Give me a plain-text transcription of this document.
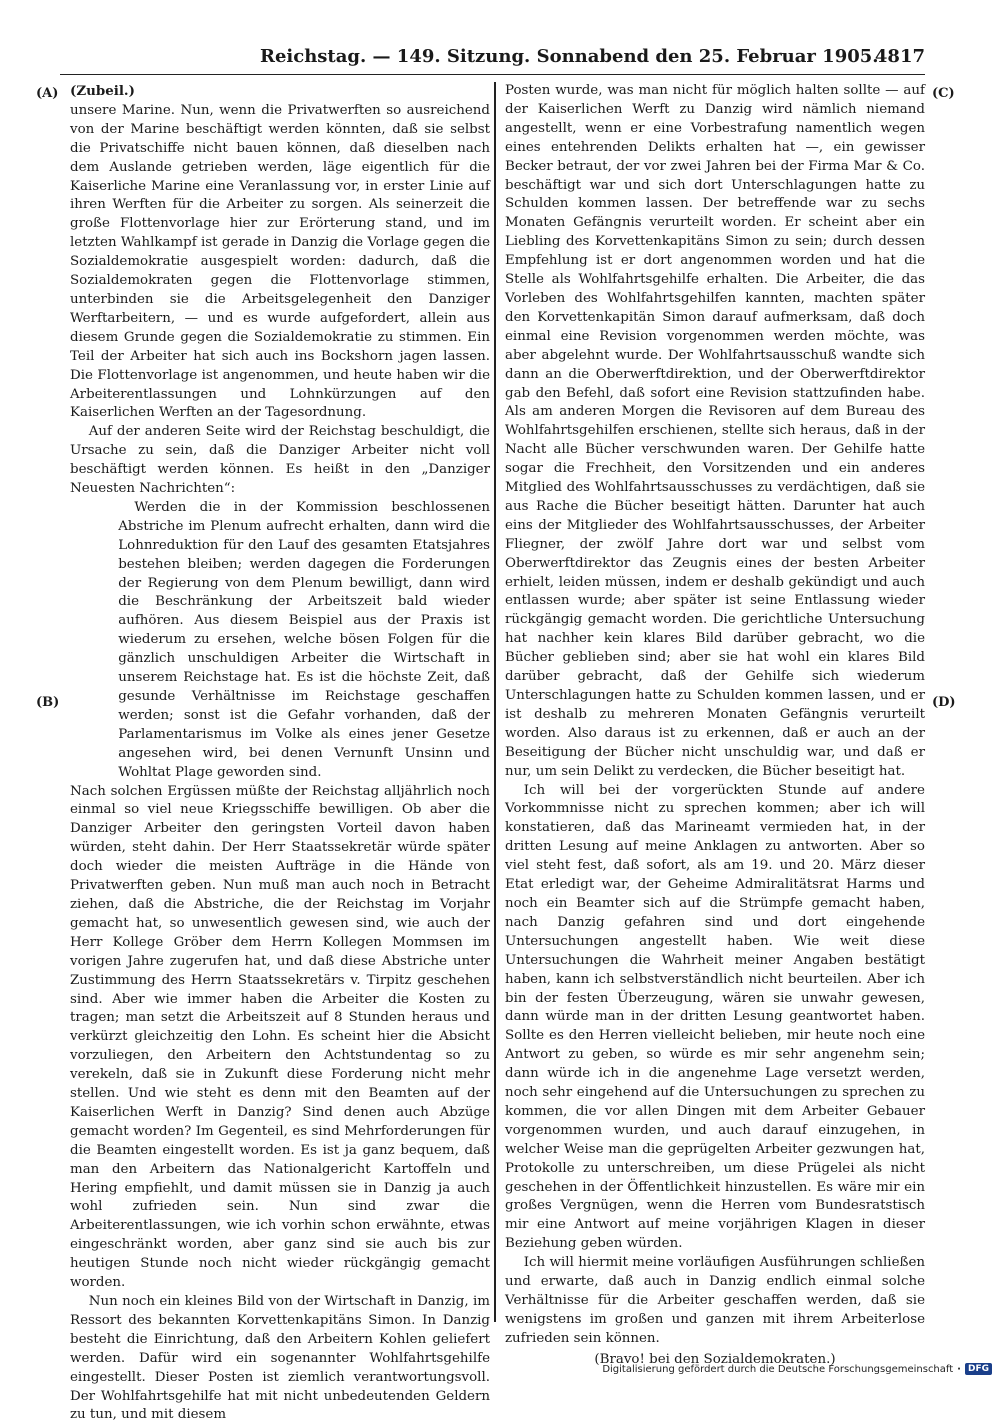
Reichstag. — 149. Sitzung. Sonnabend den 25. Februar 1905.
4817
(A)
(B)
(C)
(D)

(Zubeil.)

unsere Marine. Nun, wenn die Privatwerften so ausreichend von der Marine beschäftigt werden könnten, daß sie selbst die Privatschiffe nicht bauen können, daß dieselben nach dem Auslande getrieben werden, läge eigentlich für die Kaiserliche Marine eine Veranlassung vor, in erster Linie auf ihren Werften für die Arbeiter zu sorgen. Als seinerzeit die große Flottenvorlage hier zur Erörterung stand, und im letzten Wahlkampf ist gerade in Danzig die Vorlage gegen die Sozialdemokratie ausgespielt worden: dadurch, daß die Sozialdemokraten gegen die Flottenvorlage stimmen, unterbinden sie die Arbeitsgelegenheit den Danziger Werftarbeitern, — und es wurde aufgefordert, allein aus diesem Grunde gegen die Sozialdemokratie zu stimmen. Ein Teil der Arbeiter hat sich auch ins Bockshorn jagen lassen. Die Flottenvorlage ist angenommen, und heute haben wir die Arbeiterentlassungen und Lohnkürzungen auf den Kaiserlichen Werften an der Tagesordnung.

Auf der anderen Seite wird der Reichstag beschuldigt, die Ursache zu sein, daß die Danziger Arbeiter nicht voll beschäftigt werden können. Es heißt in den „Danziger Neuesten Nachrichten“:

Werden die in der Kommission beschlossenen Abstriche im Plenum aufrecht erhalten, dann wird die Lohnreduktion für den Lauf des gesamten Etatsjahres bestehen bleiben; werden dagegen die Forderungen der Regierung von dem Plenum bewilligt, dann wird die Beschränkung der Arbeitszeit bald wieder aufhören. Aus diesem Beispiel aus der Praxis ist wiederum zu ersehen, welche bösen Folgen für die gänzlich unschuldigen Arbeiter die Wirtschaft in unserem Reichstage hat. Es ist die höchste Zeit, daß gesunde Verhältnisse im Reichstage geschaffen werden; sonst ist die Gefahr vorhanden, daß der Parlamentarismus im Volke als eines jener Gesetze angesehen wird, bei denen Vernunft Unsinn und Wohltat Plage geworden sind.

Nach solchen Ergüssen müßte der Reichstag alljährlich noch einmal so viel neue Kriegsschiffe bewilligen. Ob aber die Danziger Arbeiter den geringsten Vorteil davon haben würden, steht dahin. Der Herr Staatssekretär würde später doch wieder die meisten Aufträge in die Hände von Privatwerften geben. Nun muß man auch noch in Betracht ziehen, daß die Abstriche, die der Reichstag im Vorjahr gemacht hat, so unwesentlich gewesen sind, wie auch der Herr Kollege Gröber dem Herrn Kollegen Mommsen im vorigen Jahre zugerufen hat, und daß diese Abstriche unter Zustimmung des Herrn Staatssekretärs v. Tirpitz geschehen sind. Aber wie immer haben die Arbeiter die Kosten zu tragen; man setzt die Arbeitszeit auf 8 Stunden heraus und verkürzt gleichzeitig den Lohn. Es scheint hier die Absicht vorzuliegen, den Arbeitern den Achtstundentag so zu verekeln, daß sie in Zukunft diese Forderung nicht mehr stellen. Und wie steht es denn mit den Beamten auf der Kaiserlichen Werft in Danzig? Sind denen auch Abzüge gemacht worden? Im Gegenteil, es sind Mehrforderungen für die Beamten eingestellt worden. Es ist ja ganz bequem, daß man den Arbeitern das Nationalgericht Kartoffeln und Hering empfiehlt, und damit müssen sie in Danzig ja auch wohl zufrieden sein. Nun sind zwar die Arbeiterentlassungen, wie ich vorhin schon erwähnte, etwas eingeschränkt worden, aber ganz sind sie auch bis zur heutigen Stunde noch nicht wieder rückgängig gemacht worden.

Nun noch ein kleines Bild von der Wirtschaft in Danzig, im Ressort des bekannten Korvettenkapitäns Simon. In Danzig besteht die Einrichtung, daß den Arbeitern Kohlen geliefert werden. Dafür wird ein sogenannter Wohlfahrtsgehilfe eingestellt. Dieser Posten ist ziemlich verantwortungsvoll. Der Wohlfahrtsgehilfe hat mit nicht unbedeutenden Geldern zu tun, und mit diesem

Posten wurde, was man nicht für möglich halten sollte — auf der Kaiserlichen Werft zu Danzig wird nämlich niemand angestellt, wenn er eine Vorbestrafung namentlich wegen eines entehrenden Delikts erhalten hat —, ein gewisser Becker betraut, der vor zwei Jahren bei der Firma Mar & Co. beschäftigt war und sich dort Unterschlagungen hatte zu Schulden kommen lassen. Der betreffende war zu sechs Monaten Gefängnis verurteilt worden. Er scheint aber ein Liebling des Korvettenkapitäns Simon zu sein; durch dessen Empfehlung ist er dort angenommen worden und hat die Stelle als Wohlfahrtsgehilfe erhalten. Die Arbeiter, die das Vorleben des Wohlfahrtsgehilfen kannten, machten später den Korvettenkapitän Simon darauf aufmerksam, daß doch einmal eine Revision vorgenommen werden möchte, was aber abgelehnt wurde. Der Wohlfahrtsausschuß wandte sich dann an die Oberwerftdirektion, und der Oberwerftdirektor gab den Befehl, daß sofort eine Revision stattzufinden habe. Als am anderen Morgen die Revisoren auf dem Bureau des Wohlfahrtsgehilfen erschienen, stellte sich heraus, daß in der Nacht alle Bücher verschwunden waren. Der Gehilfe hatte sogar die Frechheit, den Vorsitzenden und ein anderes Mitglied des Wohlfahrtsausschusses zu verdächtigen, daß sie aus Rache die Bücher beseitigt hätten. Darunter hat auch eins der Mitglieder des Wohlfahrtsausschusses, der Arbeiter Fliegner, der zwölf Jahre dort war und selbst vom Oberwerftdirektor das Zeugnis eines der besten Arbeiter erhielt, leiden müssen, indem er deshalb gekündigt und auch entlassen wurde; aber später ist seine Entlassung wieder rückgängig gemacht worden. Die gerichtliche Untersuchung hat nachher kein klares Bild darüber gebracht, wo die Bücher geblieben sind; aber sie hat wohl ein klares Bild darüber gebracht, daß der Gehilfe sich wiederum Unterschlagungen hatte zu Schulden kommen lassen, und er ist deshalb zu mehreren Monaten Gefängnis verurteilt worden. Also daraus ist zu erkennen, daß er auch an der Beseitigung der Bücher nicht unschuldig war, und daß er nur, um sein Delikt zu verdecken, die Bücher beseitigt hat.

Ich will bei der vorgerückten Stunde auf andere Vorkommnisse nicht zu sprechen kommen; aber ich will konstatieren, daß das Marineamt vermieden hat, in der dritten Lesung auf meine Anklagen zu antworten. Aber so viel steht fest, daß sofort, als am 19. und 20. März dieser Etat erledigt war, der Geheime Admiralitätsrat Harms und noch ein Beamter sich auf die Strümpfe gemacht haben, nach Danzig gefahren sind und dort eingehende Untersuchungen angestellt haben. Wie weit diese Untersuchungen die Wahrheit meiner Angaben bestätigt haben, kann ich selbstverständlich nicht beurteilen. Aber ich bin der festen Überzeugung, wären sie unwahr gewesen, dann würde man in der dritten Lesung geantwortet haben. Sollte es den Herren vielleicht belieben, mir heute noch eine Antwort zu geben, so würde es mir sehr angenehm sein; dann würde ich in die angenehme Lage versetzt werden, noch sehr eingehend auf die Untersuchungen zu sprechen zu kommen, die vor allen Dingen mit dem Arbeiter Gebauer vorgenommen wurden, und auch darauf einzugehen, in welcher Weise man die geprügelten Arbeiter gezwungen hat, Protokolle zu unterschreiben, um diese Prügelei als nicht geschehen in der Öffentlichkeit hinzustellen. Es wäre mir ein großes Vergnügen, wenn die Herren vom Bundesratstisch mir eine Antwort auf meine vorjährigen Klagen in dieser Beziehung geben würden.

Ich will hiermit meine vorläufigen Ausführungen schließen und erwarte, daß auch in Danzig endlich einmal solche Verhältnisse für die Arbeiter geschaffen werden, daß sie wenigstens im großen und ganzen mit ihrem Arbeiterlose zufrieden sein können.

(Bravo! bei den Sozialdemokraten.)

Digitalisierung gefördert durch die Deutsche Forschungsgemeinschaft · DFG
